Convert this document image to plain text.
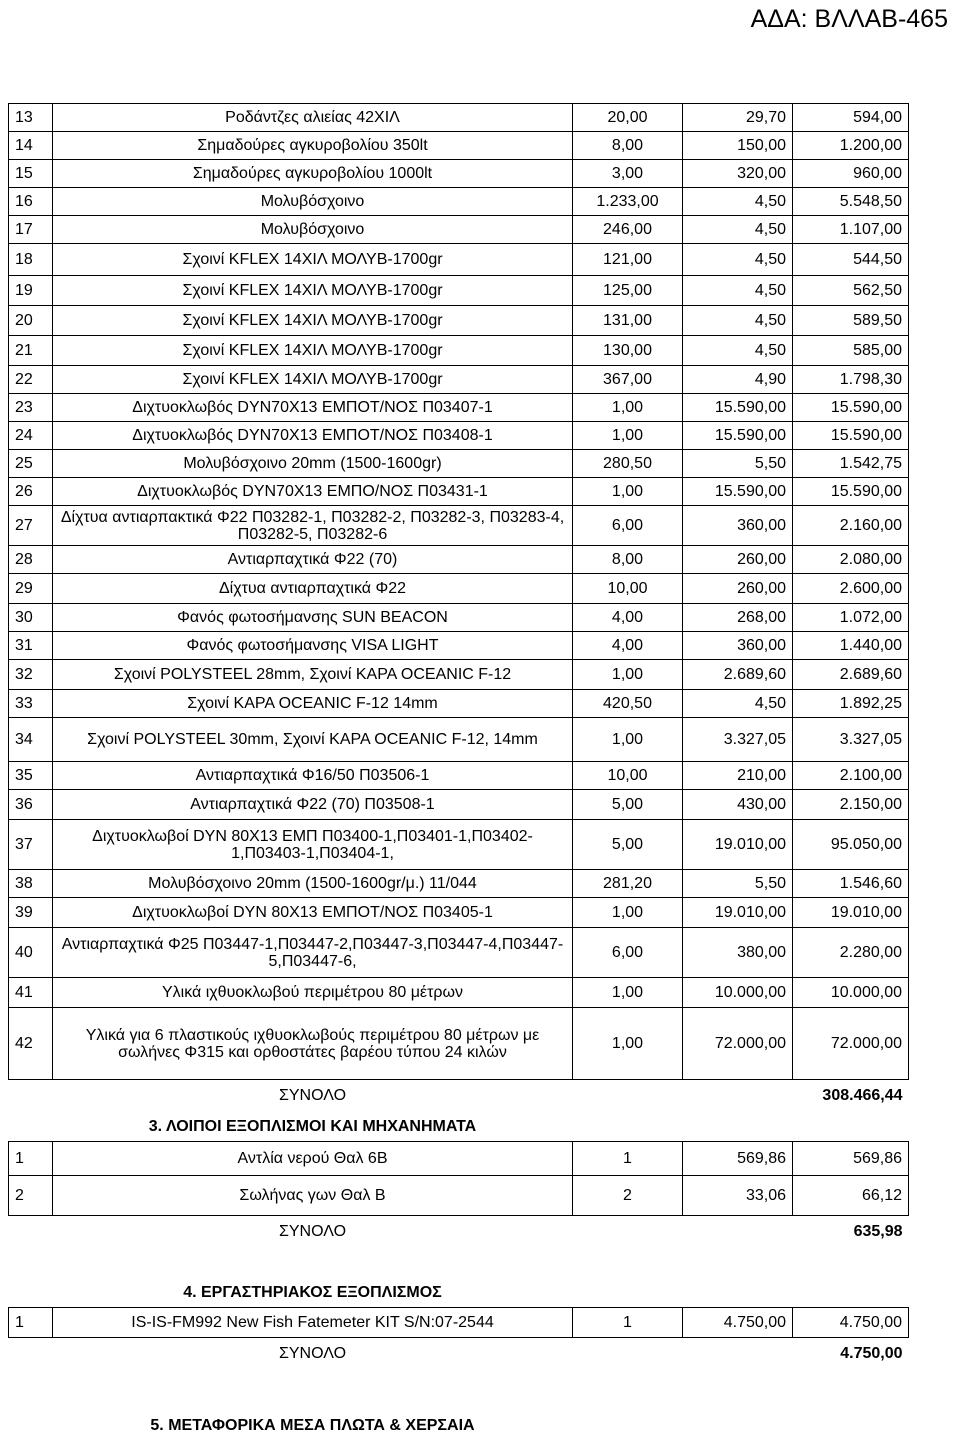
ΑΔΑ: ΒΛΛΑΒ-465
13	Ροδάντζες αλιείας 42ΧΙΛ	20,00	29,70	594,00
14	Σημαδούρες αγκυροβολίου 350lt	8,00	150,00	1.200,00
15	Σημαδούρες αγκυροβολίου 1000lt	3,00	320,00	960,00
16	Μολυβόσχοινο	1.233,00	4,50	5.548,50
17	Μολυβόσχοινο	246,00	4,50	1.107,00
18	Σχοινί KFLEX 14ΧΙΛ ΜΟΛΥΒ-1700gr	121,00	4,50	544,50
19	Σχοινί KFLEX 14ΧΙΛ ΜΟΛΥΒ-1700gr	125,00	4,50	562,50
20	Σχοινί KFLEX 14ΧΙΛ ΜΟΛΥΒ-1700gr	131,00	4,50	589,50
21	Σχοινί KFLEX 14ΧΙΛ ΜΟΛΥΒ-1700gr	130,00	4,50	585,00
22	Σχοινί KFLEX 14ΧΙΛ ΜΟΛΥΒ-1700gr	367,00	4,90	1.798,30
23	Διχτυοκλωβός DYN70X13 ΕΜΠΟΤ/ΝΟΣ Π03407-1	1,00	15.590,00	15.590,00
24	Διχτυοκλωβός DYN70X13 ΕΜΠΟΤ/ΝΟΣ Π03408-1	1,00	15.590,00	15.590,00
25	Μολυβόσχοινο 20mm (1500-1600gr)	280,50	5,50	1.542,75
26	Διχτυοκλωβός DYN70X13 ΕΜΠΟ/ΝΟΣ Π03431-1	1,00	15.590,00	15.590,00
27	Δίχτυα αντιαρπακτικά Φ22 Π03282-1, Π03282-2, Π03282-3, Π03283-4, Π03282-5, Π03282-6	6,00	360,00	2.160,00
28	Αντιαρπαχτικά Φ22 (70)	8,00	260,00	2.080,00
29	Δίχτυα αντιαρπαχτικά Φ22	10,00	260,00	2.600,00
30	Φανός φωτοσήμανσης SUN BEACON	4,00	268,00	1.072,00
31	Φανός φωτοσήμανσης VISA LIGHT	4,00	360,00	1.440,00
32	Σχοινί POLYSTEEL 28mm, Σχοινί KAPA OCEANIC F-12	1,00	2.689,60	2.689,60
33	Σχοινί KAPA OCEANIC F-12 14mm	420,50	4,50	1.892,25
34	Σχοινί POLYSTEEL 30mm, Σχοινί KAPA OCEANIC F-12, 14mm	1,00	3.327,05	3.327,05
35	Αντιαρπαχτικά Φ16/50 Π03506-1	10,00	210,00	2.100,00
36	Αντιαρπαχτικά Φ22 (70) Π03508-1	5,00	430,00	2.150,00
37	Διχτυοκλωβοί DYN 80X13 ΕΜΠ Π03400-1,Π03401-1,Π03402-1,Π03403-1,Π03404-1,	5,00	19.010,00	95.050,00
38	Μολυβόσχοινο 20mm (1500-1600gr/μ.) 11/044	281,20	5,50	1.546,60
39	Διχτυοκλωβοί DYN 80X13 ΕΜΠΟΤ/ΝΟΣ Π03405-1	1,00	19.010,00	19.010,00
40	Αντιαρπαχτικά Φ25 Π03447-1,Π03447-2,Π03447-3,Π03447-4,Π03447-5,Π03447-6,	6,00	380,00	2.280,00
41	Υλικά ιχθυοκλωβού περιμέτρου 80 μέτρων	1,00	10.000,00	10.000,00
42	Υλικά για 6 πλαστικούς ιχθυοκλωβούς περιμέτρου 80 μέτρων με σωλήνες Φ315 και ορθοστάτες βαρέου τύπου 24 κιλών	1,00	72.000,00	72.000,00
	ΣΥΝΟΛΟ			308.466,44
	3. ΛΟΙΠΟΙ ΕΞΟΠΛΙΣΜΟΙ ΚΑΙ ΜΗΧΑΝΗΜΑΤΑ			
1	Αντλία νερού Θαλ 6Β	1	569,86	569,86
2	Σωλήνας γων Θαλ Β	2	33,06	66,12
	ΣΥΝΟΛΟ			635,98
	4. ΕΡΓΑΣΤΗΡΙΑΚΟΣ ΕΞΟΠΛΙΣΜΟΣ			
1	IS-IS-FM992 New Fish Fatemeter KIT S/N:07-2544	1	4.750,00	4.750,00
	ΣΥΝΟΛΟ			4.750,00
	5. ΜΕΤΑΦΟΡΙΚΑ ΜΕΣΑ ΠΛΩΤΑ & ΧΕΡΣΑΙΑ			
